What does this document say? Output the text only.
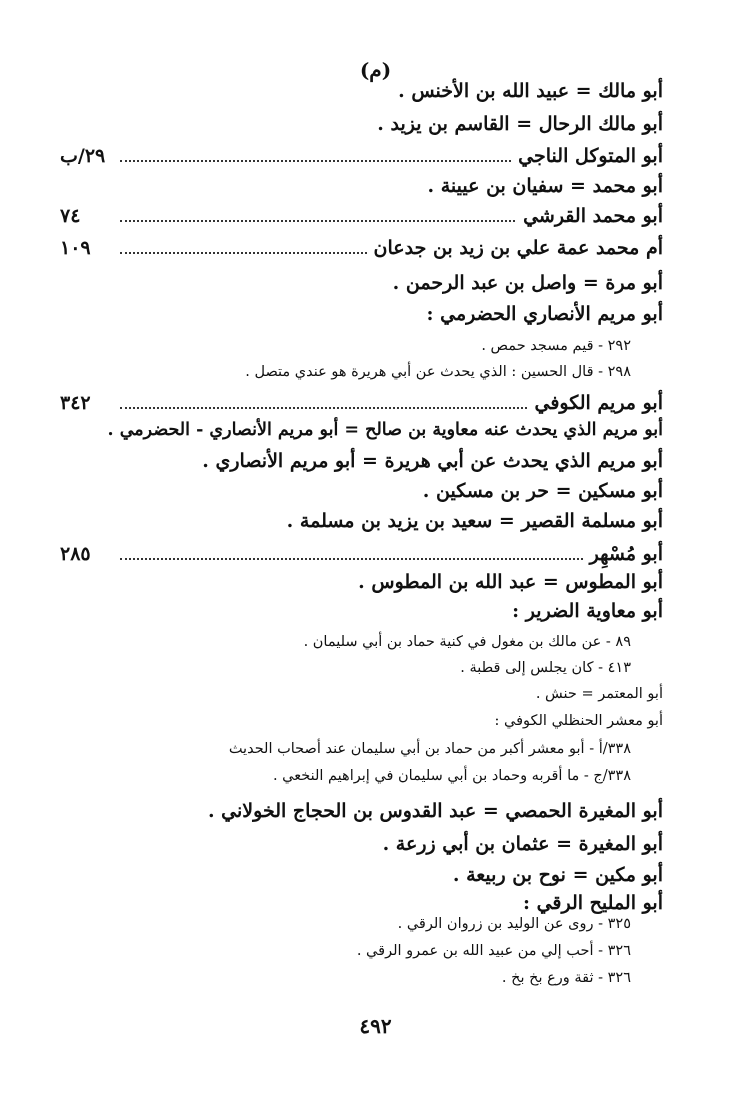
(م)
أبو مالك = عبيد الله بن الأخنس .
أبو مالك الرحال = القاسم بن يزيد .
أبو المتوكل الناجي
٢٩/ب
أبو محمد = سفيان بن عيينة .
أبو محمد القرشي
٧٤
أم محمد عمة علي بن زيد بن جدعان
١٠٩
أبو مرة = واصل بن عبد الرحمن .
أبو مريم الأنصاري الحضرمي :
٢٩٢ - قيم مسجد حمص .
٢٩٨ - قال الحسين : الذي يحدث عن أبي هريرة هو عندي متصل .
أبو مريم الكوفي
٣٤٢
أبو مريم الذي يحدث عنه معاوية بن صالح = أبو مريم الأنصاري - الحضرمي .
أبو مريم الذي يحدث عن أبي هريرة = أبو مريم الأنصاري .
أبو مسكين = حر بن مسكين .
أبو مسلمة القصير = سعيد بن يزيد بن مسلمة .
أبو مُسْهِر
٢٨٥
أبو المطوس = عبد الله بن المطوس .
أبو معاوية الضرير :
٨٩ - عن مالك بن مغول في كنية حماد بن أبي سليمان .
٤١٣ - كان يجلس إلى قطبة .
أبو المعتمر = حنش .
أبو معشر الحنظلي الكوفي :
٣٣٨/أ - أبو معشر أكبر من حماد بن أبي سليمان عند أصحاب الحديث
٣٣٨/ج - ما أقربه وحماد بن أبي سليمان في إبراهيم النخعي .
أبو المغيرة الحمصي = عبد القدوس بن الحجاج الخولاني .
أبو المغيرة = عثمان بن أبي زرعة .
أبو مكين = نوح بن ربيعة .
أبو المليح الرقي :
٣٢٥ - روى عن الوليد بن زروان الرقي .
٣٢٦ - أحب إلي من عبيد الله بن عمرو الرقي .
٣٢٦ - ثقة ورع بخ بخ .
٤٩٢
